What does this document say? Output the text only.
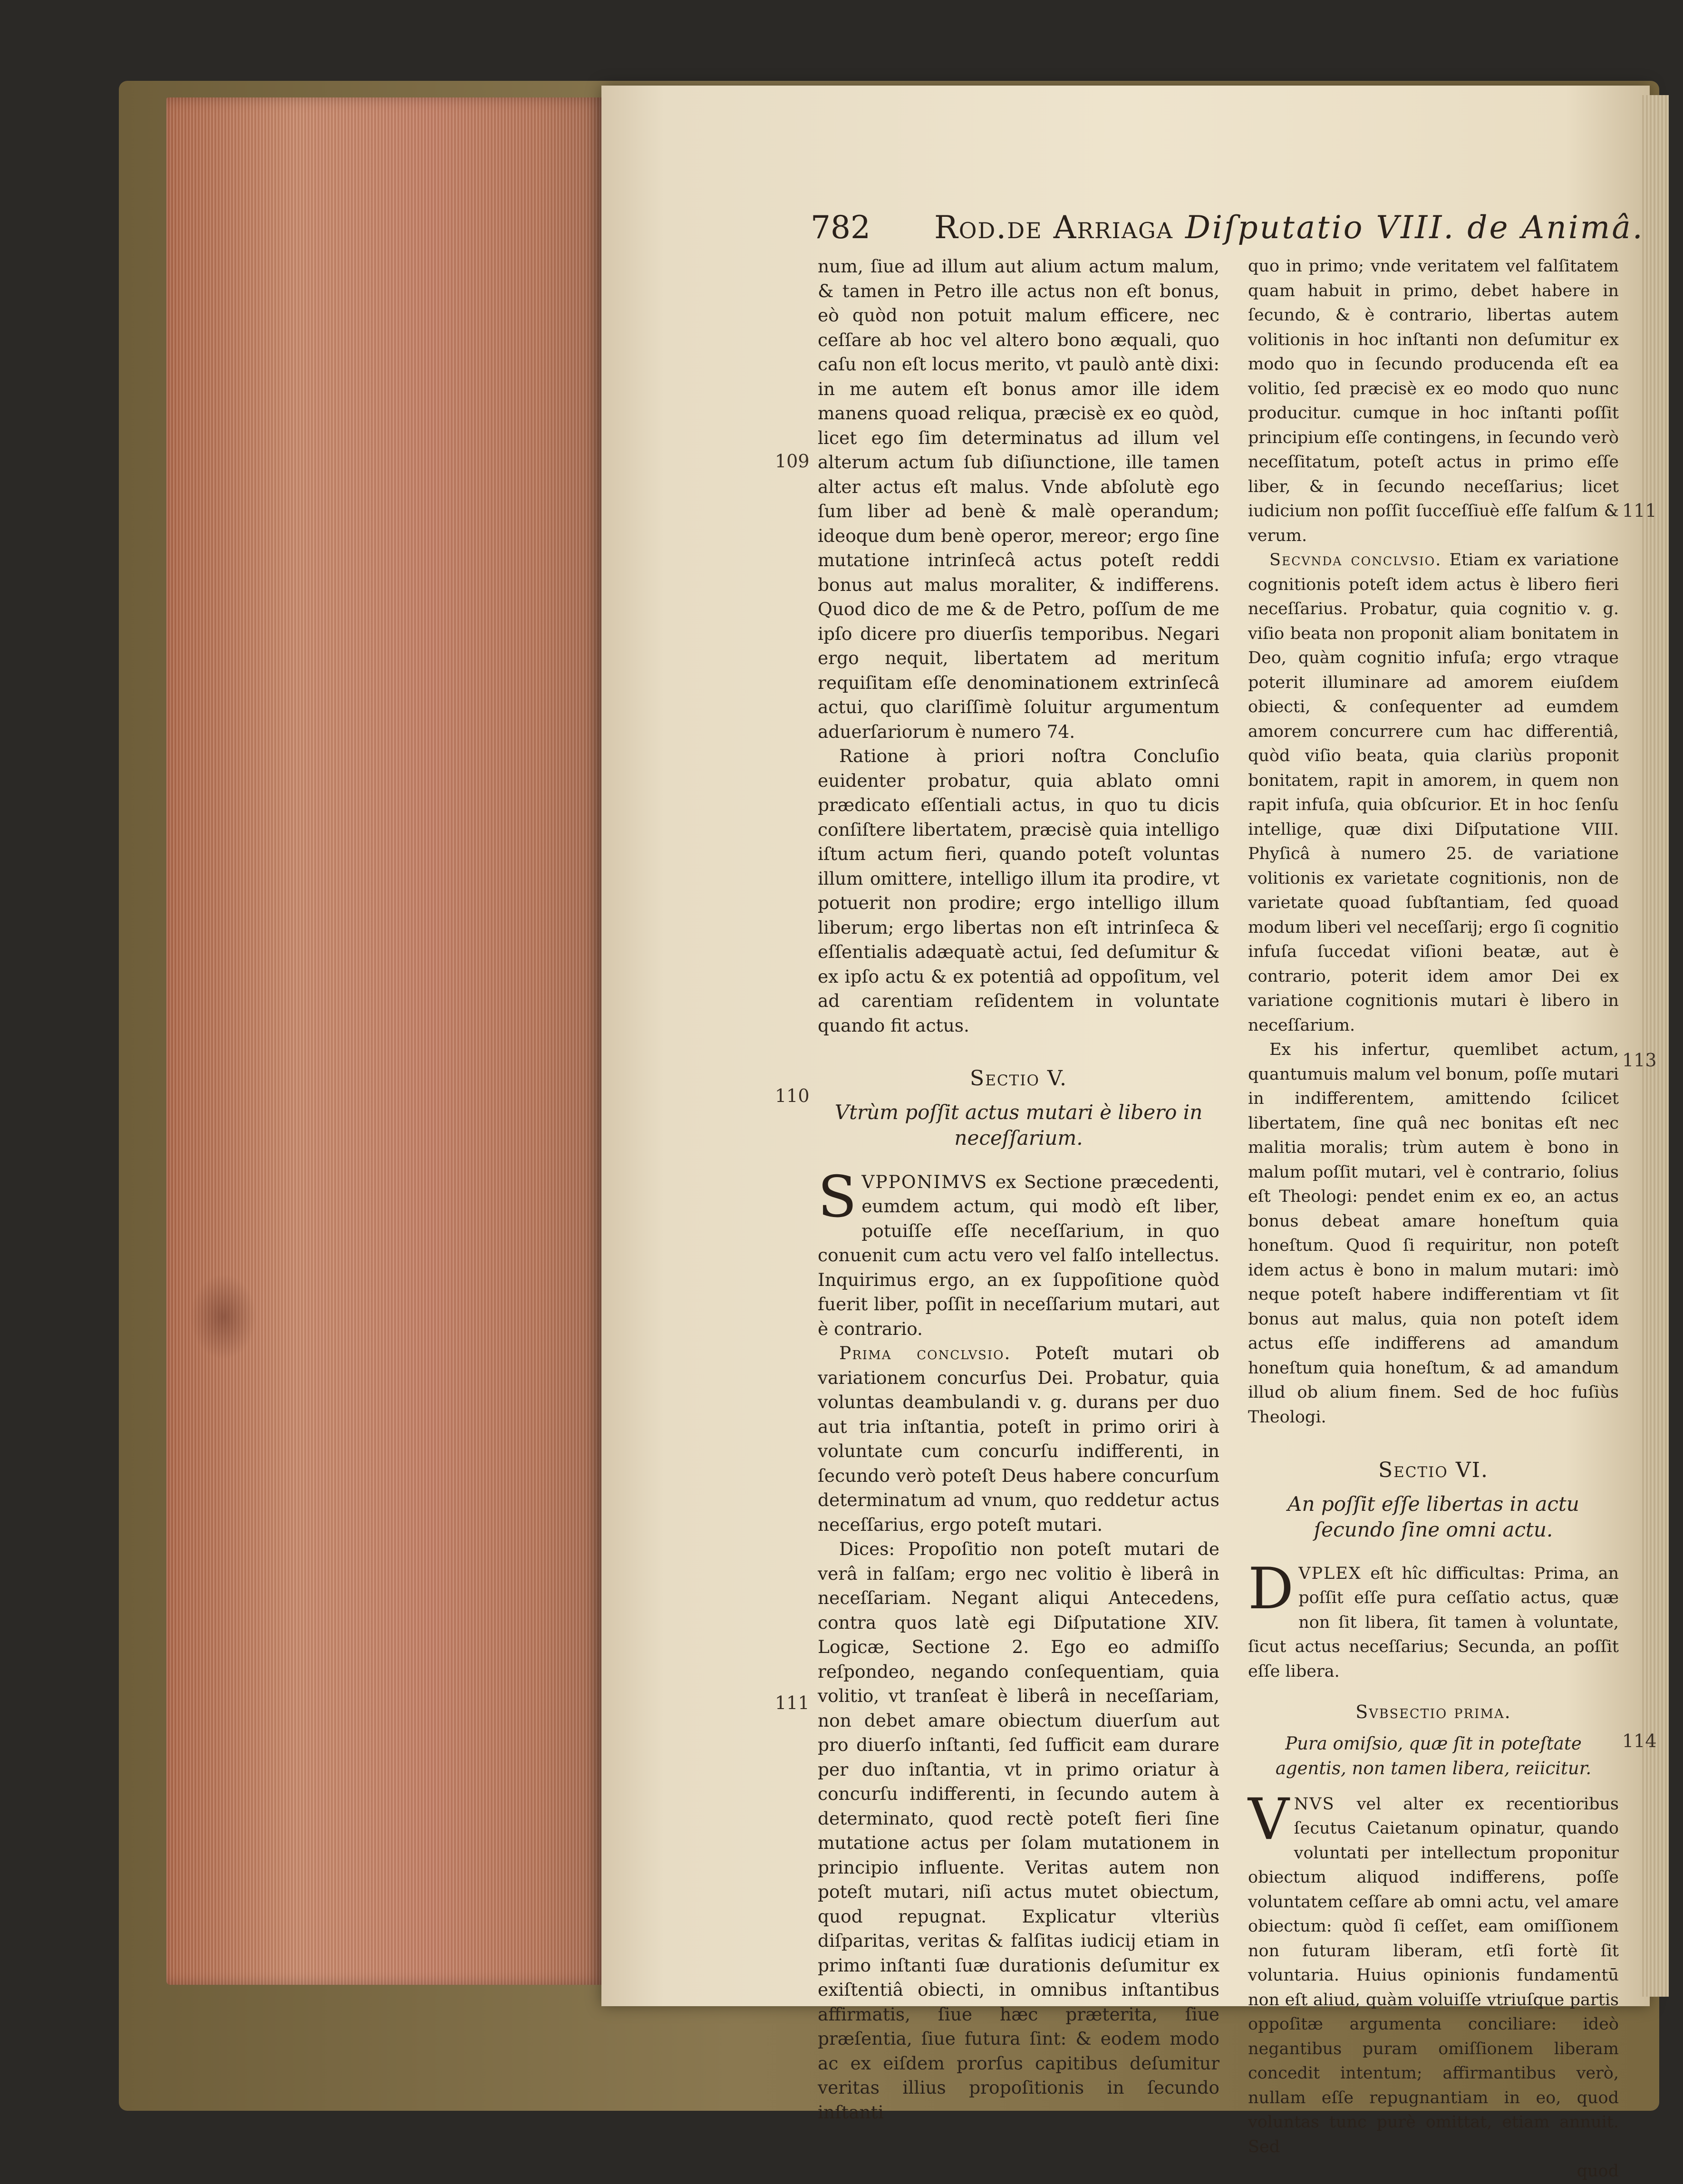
782 Rod.de Arriaga Diſputatio VIII. de Animâ.
109
110
111
111
113
114

num, ſiue ad illum aut alium actum malum, & tamen in Petro ille actus non eſt bonus, eò quòd non potuit malum efficere, nec ceſſare ab hoc vel altero bono æquali, quo caſu non eſt locus merito, vt paulò antè dixi: in me autem eſt bonus amor ille idem manens quoad reliqua, præcisè ex eo quòd, licet ego ſim determinatus ad illum vel alterum actum ſub diſiunctione, ille tamen alter actus eſt malus. Vnde abſolutè ego ſum liber ad benè & malè operandum; ideoque dum benè operor, mereor; ergo ſine mutatione intrinſecâ actus poteſt reddi bonus aut malus moraliter, & indifferens. Quod dico de me & de Petro, poſſum de me ipſo dicere pro diuerſis temporibus. Negari ergo nequit, libertatem ad meritum requiſitam eſſe denominationem extrinſecâ actui, quo clariſſimè ſoluitur argumentum aduerſariorum è numero 74.

Ratione à priori noſtra Concluſio euidenter probatur, quia ablato omni prædicato eſſentiali actus, in quo tu dicis conſiſtere libertatem, præcisè quia intelligo iſtum actum fieri, quando poteſt voluntas illum omittere, intelligo illum ita prodire, vt potuerit non prodire; ergo intelligo illum liberum; ergo libertas non eſt intrinſeca & eſſentialis adæquatè actui, ſed deſumitur & ex ipſo actu & ex potentiâ ad oppoſitum, vel ad carentiam reſidentem in voluntate quando fit actus.

Sectio V.
Vtrùm poſſit actus mutari è libero in neceſſarium.

SVPPONIMVS ex Sectione præcedenti, eumdem actum, qui modò eſt liber, potuiſſe eſſe neceſſarium, in quo conuenit cum actu vero vel falſo intellectus. Inquirimus ergo, an ex ſuppoſitione quòd fuerit liber, poſſit in neceſſarium mutari, aut è contrario.

Prima conclvsio. Poteſt mutari ob variationem concurſus Dei. Probatur, quia voluntas deambulandi v. g. durans per duo aut tria inſtantia, poteſt in primo oriri à voluntate cum concurſu indifferenti, in ſecundo verò poteſt Deus habere concurſum determinatum ad vnum, quo reddetur actus neceſſarius, ergo poteſt mutari.

Dices: Propoſitio non poteſt mutari de verâ in falſam; ergo nec volitio è liberâ in neceſſariam. Negant aliqui Antecedens, contra quos latè egi Diſputatione XIV. Logicæ, Sectione 2. Ego eo admiſſo reſpondeo, negando conſequentiam, quia volitio, vt tranſeat è liberâ in neceſſariam, non debet amare obiectum diuerſum aut pro diuerſo inſtanti, ſed ſufficit eam durare per duo inſtantia, vt in primo oriatur à concurſu indifferenti, in ſecundo autem à determinato, quod rectè poteſt fieri ſine mutatione actus per ſolam mutationem in principio influente. Veritas autem non poteſt mutari, niſi actus mutet obiectum, quod repugnat. Explicatur vlteriùs diſparitas, veritas & falſitas iudicij etiam in primo inſtanti ſuæ durationis deſumitur ex exiſtentiâ obiecti, in omnibus inſtantibus affirmatis, ſiue hæc præterita, ſiue præſentia, ſiue futura ſint: & eodem modo ac ex eiſdem prorſus capitibus deſumitur veritas illius propoſitionis in ſecundo inſtanti

quo in primo; vnde veritatem vel falſitatem quam habuit in primo, debet habere in ſecundo, & è contrario, libertas autem volitionis in hoc inſtanti non deſumitur ex modo quo in ſecundo producenda eſt ea volitio, ſed præcisè ex eo modo quo nunc producitur. cumque in hoc inſtanti poſſit principium eſſe contingens, in ſecundo verò neceſſitatum, poteſt actus in primo eſſe liber, & in ſecundo neceſſarius; licet iudicium non poſſit ſucceſſiuè eſſe falſum & verum.

Secvnda conclvsio. Etiam ex variatione cognitionis poteſt idem actus è libero fieri neceſſarius. Probatur, quia cognitio v. g. viſio beata non proponit aliam bonitatem in Deo, quàm cognitio infuſa; ergo vtraque poterit illuminare ad amorem eiuſdem obiecti, & conſequenter ad eumdem amorem concurrere cum hac differentiâ, quòd viſio beata, quia clariùs proponit bonitatem, rapit in amorem, in quem non rapit infuſa, quia obſcurior. Et in hoc ſenſu intellige, quæ dixi Diſputatione VIII. Phyſicâ à numero 25. de variatione volitionis ex varietate cognitionis, non de varietate quoad ſubſtantiam, ſed quoad modum liberi vel neceſſarij; ergo ſi cognitio infuſa ſuccedat viſioni beatæ, aut è contrario, poterit idem amor Dei ex variatione cognitionis mutari è libero in neceſſarium.

Ex his infertur, quemlibet actum, quantumuis malum vel bonum, poſſe mutari in indifferentem, amittendo ſcilicet libertatem, ſine quâ nec bonitas eſt nec malitia moralis; trùm autem è bono in malum poſſit mutari, vel è contrario, ſolius eſt Theologi: pendet enim ex eo, an actus bonus debeat amare honeſtum quia honeſtum. Quod ſi requiritur, non poteſt idem actus è bono in malum mutari: imò neque poteſt habere indifferentiam vt ſit bonus aut malus, quia non poteſt idem actus eſſe indifferens ad amandum honeſtum quia honeſtum, & ad amandum illud ob alium finem. Sed de hoc fuſiùs Theologi.

Sectio VI.
An poſſit eſſe libertas in actu ſecundo ſine omni actu.

DVPLEX eſt hîc difficultas: Prima, an poſſit eſſe pura ceſſatio actus, quæ non ſit libera, ſit tamen à voluntate, ſicut actus neceſſarius; Secunda, an poſſit eſſe libera.

Svbsectio prima.
Pura omiſsio, quæ ſit in poteſtate agentis, non tamen libera, reiicitur.

VNVS vel alter ex recentioribus ſecutus Caietanum opinatur, quando voluntati per intellectum proponitur obiectum aliquod indifferens, poſſe voluntatem ceſſare ab omni actu, vel amare obiectum: quòd ſi ceſſet, eam omiſſionem non futuram liberam, etſi fortè ſit voluntaria. Huius opinionis fundamentū non eſt aliud, quàm voluiſſe vtriuſque partis oppoſitæ argumenta conciliare: ideò negantibus puram omiſſionem liberam concedit intentum; affirmantibus verò, nullam eſſe repugnantiam in eo, quod voluntas tunc purè omittat, etiam annuit. Sed

quod
